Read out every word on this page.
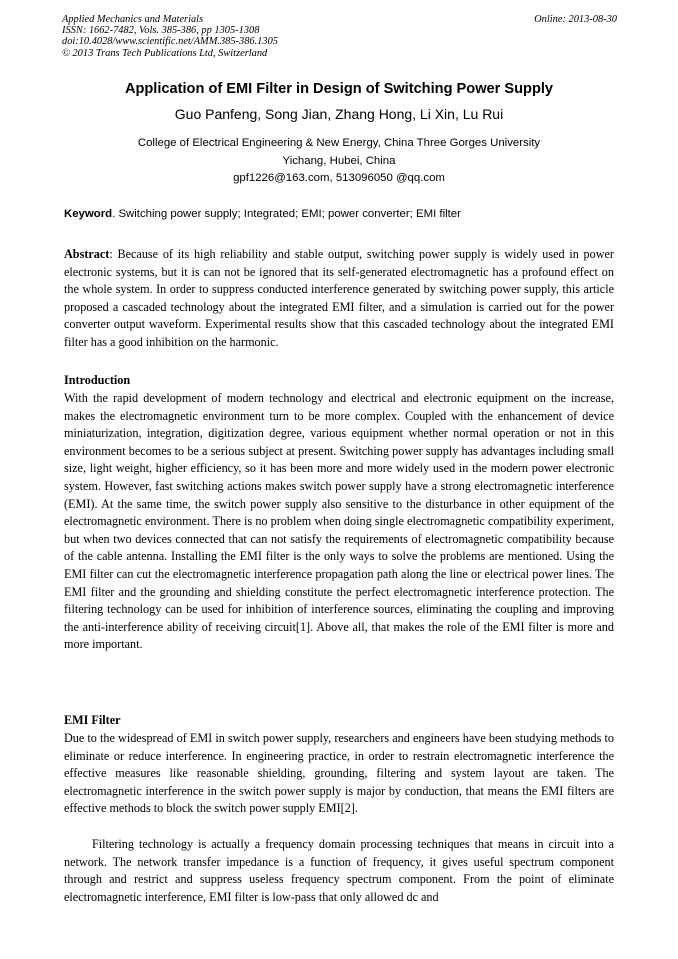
Applied Mechanics and Materials
ISSN: 1662-7482, Vols. 385-386, pp 1305-1308
doi:10.4028/www.scientific.net/AMM.385-386.1305
© 2013 Trans Tech Publications Ltd, Switzerland
Online: 2013-08-30
Application of EMI Filter in Design of Switching Power Supply
Guo Panfeng, Song Jian, Zhang Hong, Li Xin, Lu Rui
College of Electrical Engineering & New Energy, China Three Gorges University
Yichang, Hubei, China
gpf1226@163.com, 513096050 @qq.com
Keyword. Switching power supply; Integrated; EMI; power converter; EMI filter
Abstract: Because of its high reliability and stable output, switching power supply is widely used in power electronic systems, but it is can not be ignored that its self-generated electromagnetic has a profound effect on the whole system. In order to suppress conducted interference generated by switching power supply, this article proposed a cascaded technology about the integrated EMI filter, and a simulation is carried out for the power converter output waveform. Experimental results show that this cascaded technology about the integrated EMI filter has a good inhibition on the harmonic.
Introduction
With the rapid development of modern technology and electrical and electronic equipment on the increase, makes the electromagnetic environment turn to be more complex. Coupled with the enhancement of device miniaturization, integration, digitization degree, various equipment whether normal operation or not in this environment becomes to be a serious subject at present. Switching power supply has advantages including small size, light weight, higher efficiency, so it has been more and more widely used in the modern power electronic system. However, fast switching actions makes switch power supply have a strong electromagnetic interference (EMI). At the same time, the switch power supply also sensitive to the disturbance in other equipment of the electromagnetic environment. There is no problem when doing single electromagnetic compatibility experiment, but when two devices connected that can not satisfy the requirements of electromagnetic compatibility because of the cable antenna. Installing the EMI filter is the only ways to solve the problems are mentioned. Using the EMI filter can cut the electromagnetic interference propagation path along the line or electrical power lines. The EMI filter and the grounding and shielding constitute the perfect electromagnetic interference protection. The filtering technology can be used for inhibition of interference sources, eliminating the coupling and improving the anti-interference ability of receiving circuit[1]. Above all, that makes the role of the EMI filter is more and more important.
EMI Filter
Due to the widespread of EMI in switch power supply, researchers and engineers have been studying methods to eliminate or reduce interference. In engineering practice, in order to restrain electromagnetic interference the effective measures like reasonable shielding, grounding, filtering and system layout are taken. The electromagnetic interference in the switch power supply is major by conduction, that means the EMI filters are effective methods to block the switch power supply EMI[2].
Filtering technology is actually a frequency domain processing techniques that means in circuit into a network. The network transfer impedance is a function of frequency, it gives useful spectrum component through and restrict and suppress useless frequency spectrum component. From the point of eliminate electromagnetic interference, EMI filter is low-pass that only allowed dc and
